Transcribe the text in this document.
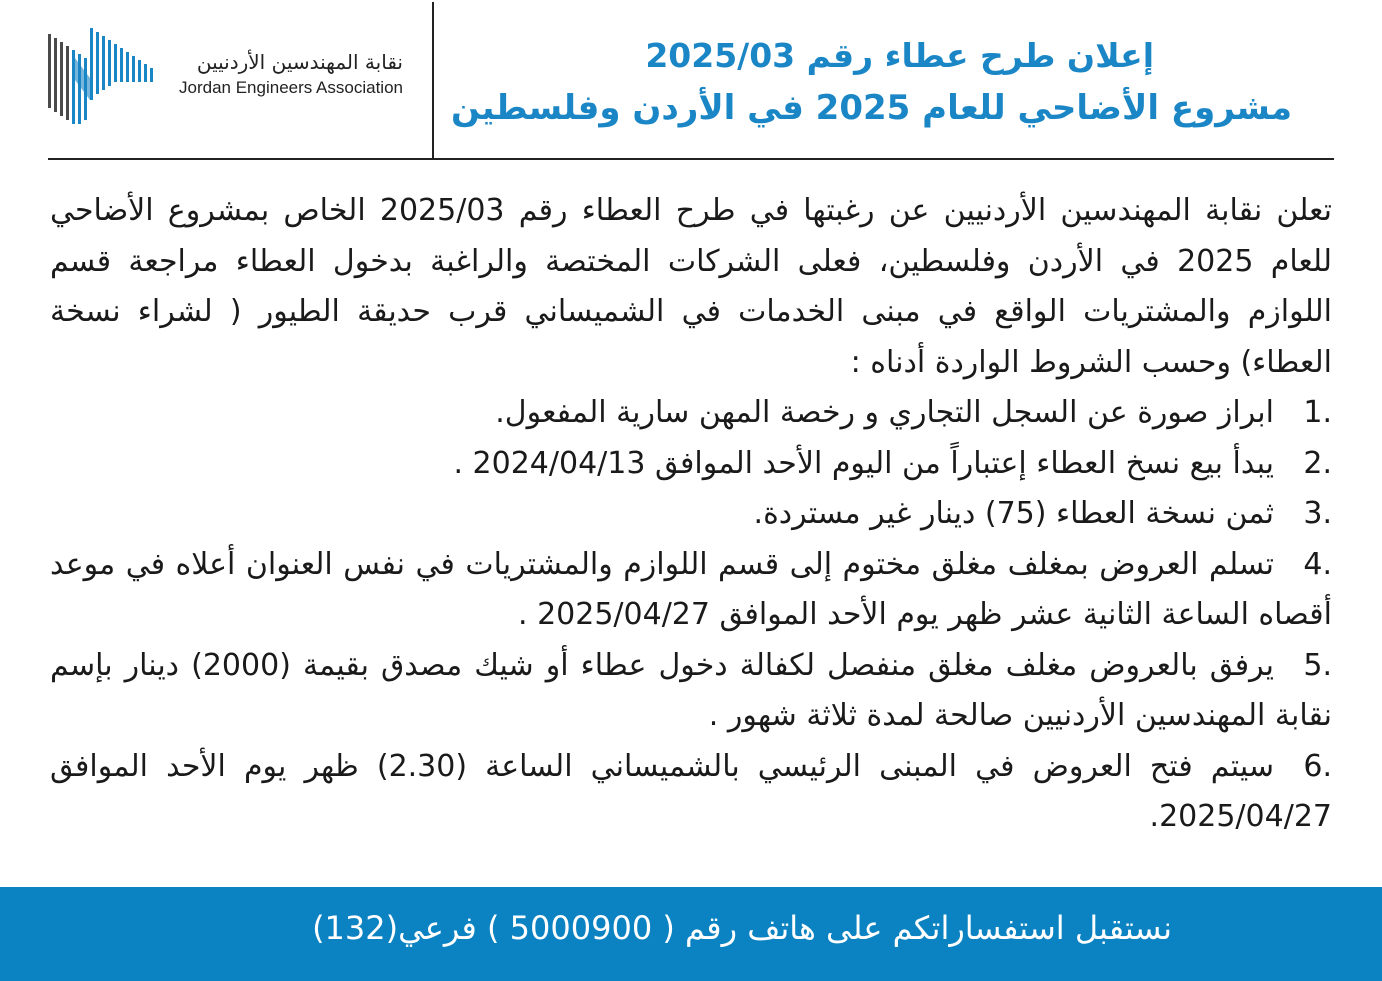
نقابة المهندسين الأردنيين
Jordan Engineers Association
إعلان طرح عطاء رقم 2025/03
مشروع الأضاحي للعام 2025 في الأردن وفلسطين

تعلن نقابة المهندسين الأردنيين عن رغبتها في طرح العطاء رقم 2025/03 الخاص بمشروع الأضاحي للعام 2025 في الأردن وفلسطين، فعلى الشركات المختصة والراغبة بدخول العطاء مراجعة قسم اللوازم والمشتريات الواقع في مبنى الخدمات في الشميساني قرب حديقة الطيور ( لشراء نسخة العطاء) وحسب الشروط الواردة أدناه :

1.
ابراز صورة عن السجل التجاري و رخصة المهن سارية المفعول.
2.
يبدأ بيع نسخ العطاء إعتباراً من اليوم الأحد الموافق 2024/04/13 .
3.
ثمن نسخة العطاء (75) دينار غير مستردة.
4.
تسلم العروض بمغلف مغلق مختوم إلى قسم اللوازم والمشتريات في نفس العنوان أعلاه في موعد أقصاه الساعة الثانية عشر ظهر يوم الأحد الموافق 2025/04/27 .
5.
يرفق بالعروض مغلف مغلق منفصل لكفالة دخول عطاء أو شيك مصدق بقيمة (2000) دينار بإسم نقابة المهندسين الأردنيين صالحة لمدة ثلاثة شهور .
6.
سيتم فتح العروض في المبنى الرئيسي بالشميساني الساعة (2.30) ظهر يوم الأحد الموافق 2025/04/27.
نستقبل استفساراتكم على هاتف رقم ( 5000900 ) فرعي(132)
